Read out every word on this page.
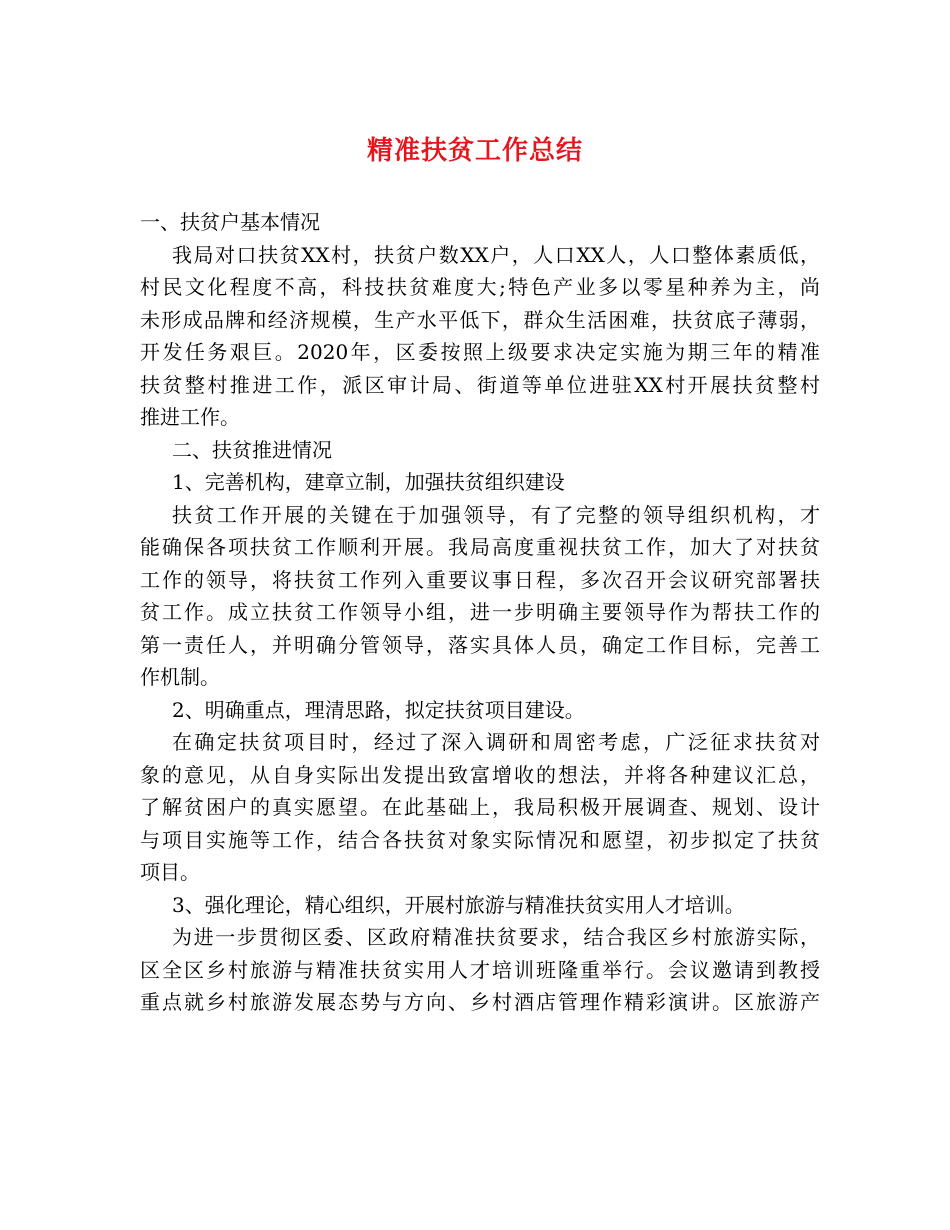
精准扶贫工作总结
一、扶贫户基本情况
我局对口扶贫XX村，扶贫户数XX户，人口XX人，人口整体素质低，
村民文化程度不高，科技扶贫难度大;特色产业多以零星种养为主，尚
未形成品牌和经济规模，生产水平低下，群众生活困难，扶贫底子薄弱，
开发任务艰巨。2020年，区委按照上级要求决定实施为期三年的精准
扶贫整村推进工作，派区审计局、街道等单位进驻XX村开展扶贫整村
推进工作。
二、扶贫推进情况
1、完善机构，建章立制，加强扶贫组织建设
扶贫工作开展的关键在于加强领导，有了完整的领导组织机构，才
能确保各项扶贫工作顺利开展。我局高度重视扶贫工作，加大了对扶贫
工作的领导，将扶贫工作列入重要议事日程，多次召开会议研究部署扶
贫工作。成立扶贫工作领导小组，进一步明确主要领导作为帮扶工作的
第一责任人，并明确分管领导，落实具体人员，确定工作目标，完善工
作机制。
2、明确重点，理清思路，拟定扶贫项目建设。
在确定扶贫项目时，经过了深入调研和周密考虑，广泛征求扶贫对
象的意见，从自身实际出发提出致富增收的想法，并将各种建议汇总，
了解贫困户的真实愿望。在此基础上，我局积极开展调查、规划、设计
与项目实施等工作，结合各扶贫对象实际情况和愿望，初步拟定了扶贫
项目。
3、强化理论，精心组织，开展村旅游与精准扶贫实用人才培训。
为进一步贯彻区委、区政府精准扶贫要求，结合我区乡村旅游实际，
区全区乡村旅游与精准扶贫实用人才培训班隆重举行。会议邀请到教授
重点就乡村旅游发展态势与方向、乡村酒店管理作精彩演讲。区旅游产
